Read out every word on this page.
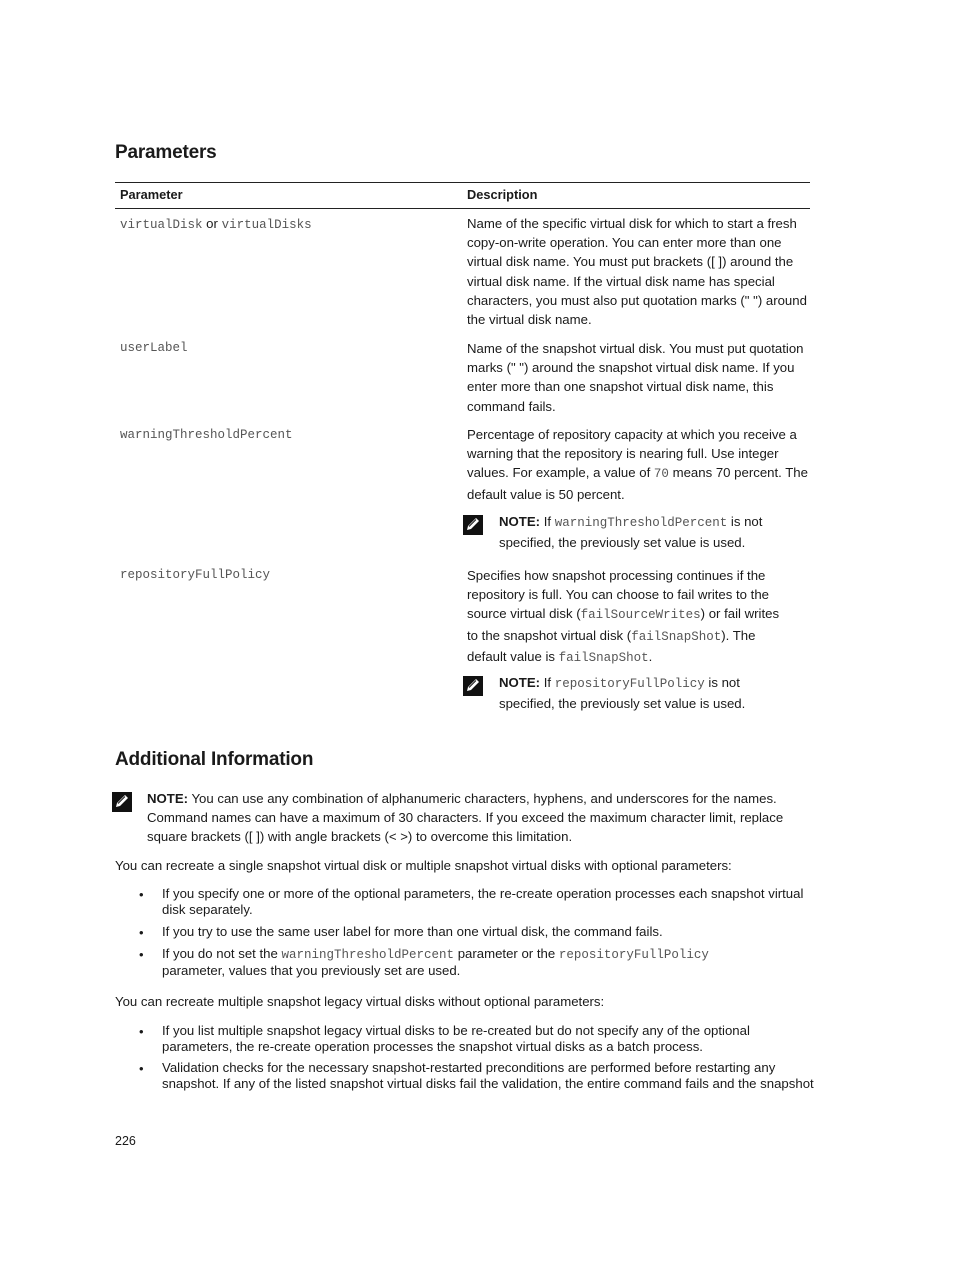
Parameters
Parameter	Description
virtualDisk or virtualDisks	Name of the specific virtual disk for which to start a fresh
copy-on-write operation. You can enter more than one
virtual disk name. You must put brackets ([ ]) around the
virtual disk name. If the virtual disk name has special
characters, you must also put quotation marks (" ") around
the virtual disk name.
userLabel	Name of the snapshot virtual disk. You must put quotation
marks (" ") around the snapshot virtual disk name. If you
enter more than one snapshot virtual disk name, this
command fails.
warningThresholdPercent	Percentage of repository capacity at which you receive a
warning that the repository is nearing full. Use integer
values. For example, a value of 70 means 70 percent. The
default value is 50 percent.
NOTE: If warningThresholdPercent is not
specified, the previously set value is used.
repositoryFullPolicy	Specifies how snapshot processing continues if the
repository is full. You can choose to fail writes to the
source virtual disk (failSourceWrites) or fail writes
to the snapshot virtual disk (failSnapShot). The
default value is failSnapShot.
NOTE: If repositoryFullPolicy is not
specified, the previously set value is used.
Additional Information
NOTE: You can use any combination of alphanumeric characters, hyphens, and underscores for the names.
Command names can have a maximum of 30 characters. If you exceed the maximum character limit, replace
square brackets ([ ]) with angle brackets (< >) to overcome this limitation.
You can recreate a single snapshot virtual disk or multiple snapshot virtual disks with optional parameters:
• If you specify one or more of the optional parameters, the re-create operation processes each snapshot virtual
disk separately.
• If you try to use the same user label for more than one virtual disk, the command fails.
• If you do not set the warningThresholdPercent parameter or the repositoryFullPolicy
parameter, values that you previously set are used.
You can recreate multiple snapshot legacy virtual disks without optional parameters:
• If you list multiple snapshot legacy virtual disks to be re-created but do not specify any of the optional
parameters, the re-create operation processes the snapshot virtual disks as a batch process.
• Validation checks for the necessary snapshot-restarted preconditions are performed before restarting any
snapshot. If any of the listed snapshot virtual disks fail the validation, the entire command fails and the snapshot
226
